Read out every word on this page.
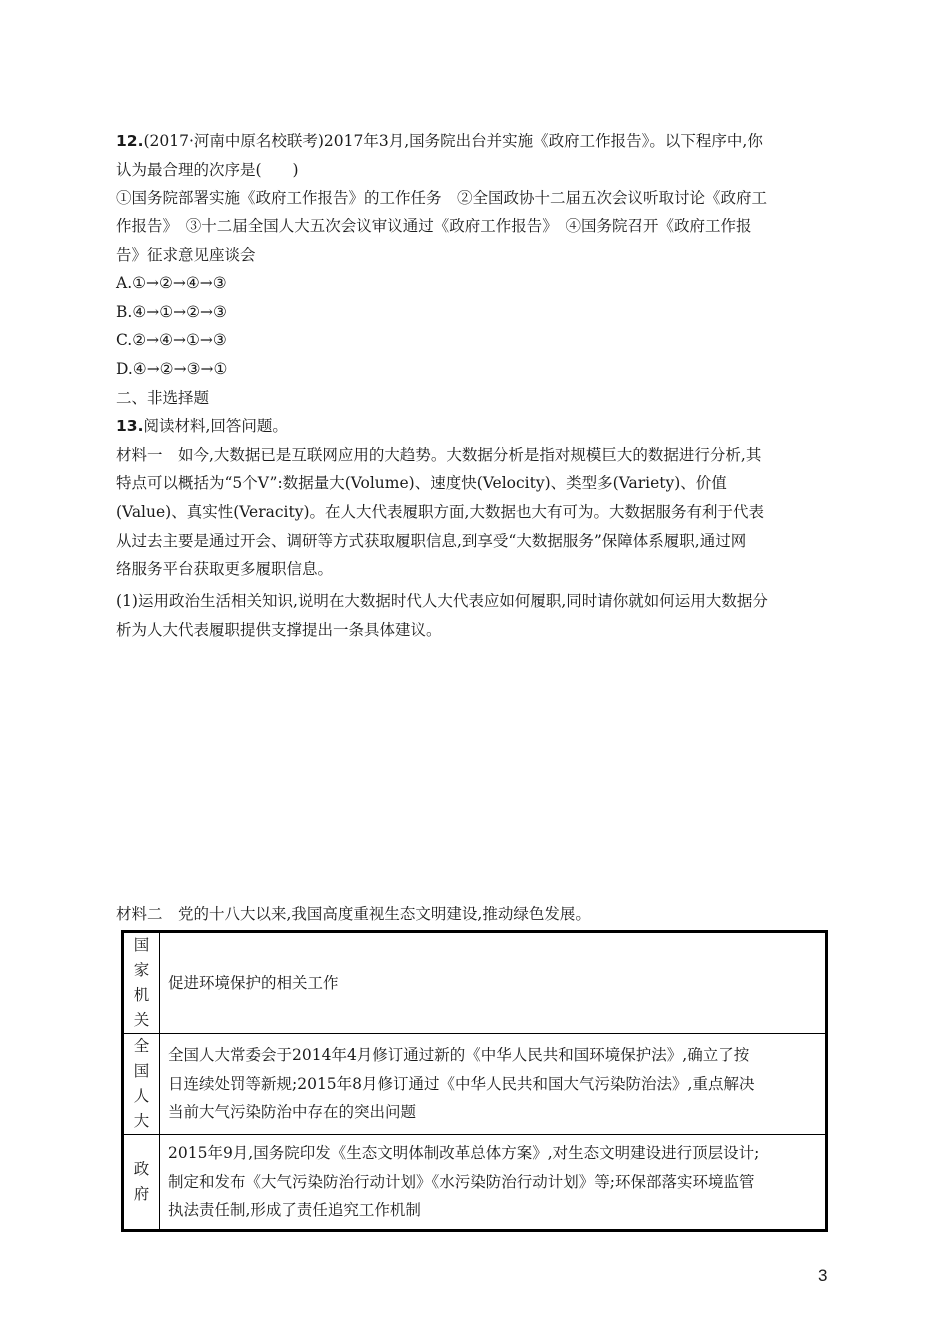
12.(2017·河南中原名校联考)2017年3月,国务院出台并实施《政府工作报告》。以下程序中,你
认为最合理的次序是(　　)
①国务院部署实施《政府工作报告》的工作任务　②全国政协十二届五次会议听取讨论《政府工
作报告》　③十二届全国人大五次会议审议通过《政府工作报告》　④国务院召开《政府工作报
告》征求意见座谈会
A.①→②→④→③
B.④→①→②→③
C.②→④→①→③
D.④→②→③→①
二、非选择题
13.阅读材料,回答问题。
材料一　如今,大数据已是互联网应用的大趋势。大数据分析是指对规模巨大的数据进行分析,其
特点可以概括为“5个V”:数据量大(Volume)、速度快(Velocity)、类型多(Variety)、价值
(Value)、真实性(Veracity)。在人大代表履职方面,大数据也大有可为。大数据服务有利于代表
从过去主要是通过开会、调研等方式获取履职信息,到享受“大数据服务”保障体系履职,通过网
络服务平台获取更多履职信息。
(1)运用政治生活相关知识,说明在大数据时代人大代表应如何履职,同时请你就如何运用大数据分
析为人大代表履职提供支撑提出一条具体建议。
材料二　党的十八大以来,我国高度重视生态文明建设,推动绿色发展。
国家机关	促进环境保护的相关工作
全国人大	全国人大常委会于2014年4月修订通过新的《中华人民共和国环境保护法》,确立了按
日连续处罚等新规;2015年8月修订通过《中华人民共和国大气污染防治法》,重点解决
当前大气污染防治中存在的突出问题

政府	2015年9月,国务院印发《生态文明体制改革总体方案》,对生态文明建设进行顶层设计;
制定和发布《大气污染防治行动计划》《水污染防治行动计划》等;环保部落实环境监管
执法责任制,形成了责任追究工作机制
3
